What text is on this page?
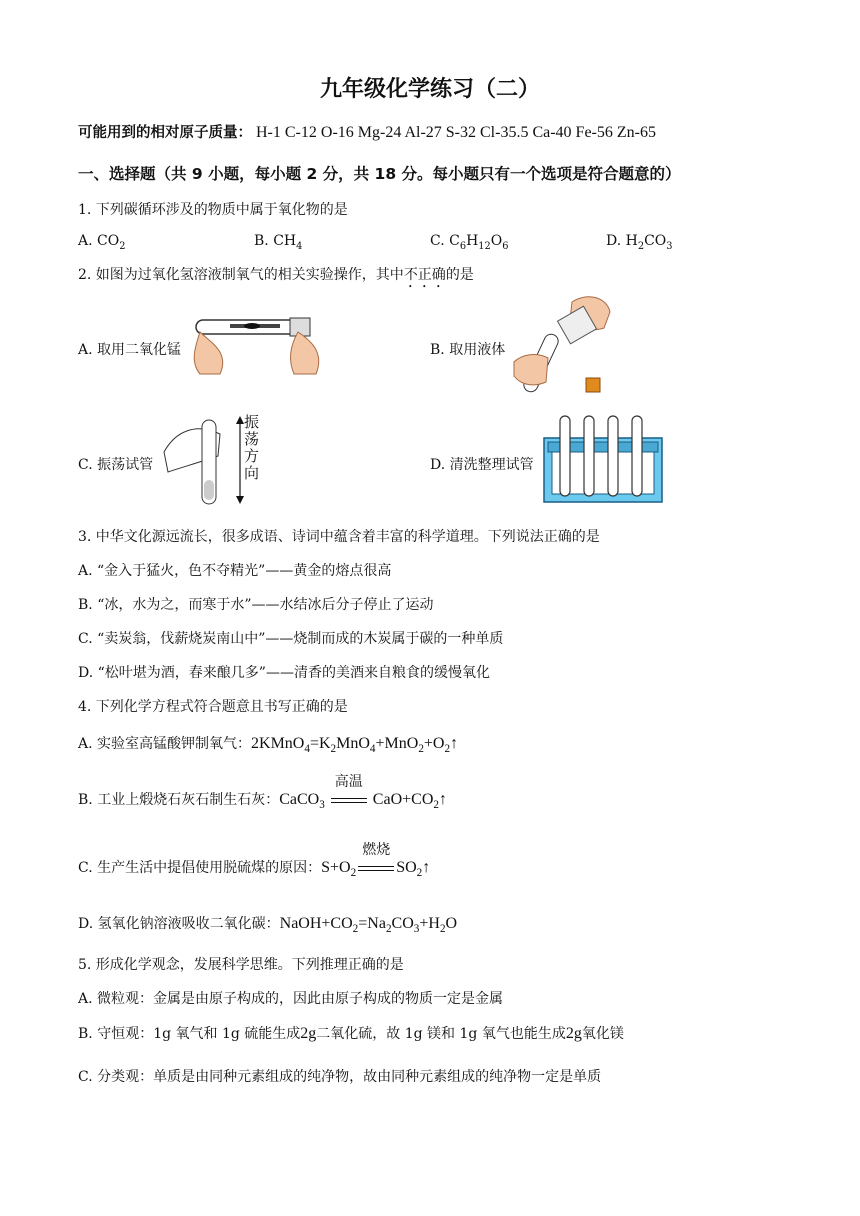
九年级化学练习（二）
可能用到的相对原子质量： H-1 C-12 O-16 Mg-24 Al-27 S-32 Cl-35.5 Ca-40 Fe-56 Zn-65
一、选择题（共 9 小题，每小题 2 分，共 18 分。每小题只有一个选项是符合题意的）
1. 下列碳循环涉及的物质中属于氧化物的是
A. $CO_2$	B. $CH_4$	C. $C_6H_{12}O_6$	D. $H_2CO_3$
2. 如图为过氧化氢溶液制氧气的相关实验操作，其中不正确的是
A. 取用二氧化锰	B. 取用液体
C. 振荡试管
振荡方向	D. 清洗整理试管
3. 中华文化源远流长，很多成语、诗词中蕴含着丰富的科学道理。下列说法正确的是
A. “金入于猛火，色不夺精光”——黄金的熔点很高
B. “冰，水为之，而寒于水”——水结冰后分子停止了运动
C. “卖炭翁，伐薪烧炭南山中”——烧制而成的木炭属于碳的一种单质
D. “松叶堪为酒，春来酿几多”——清香的美酒来自粮食的缓慢氧化
4. 下列化学方程式符合题意且书写正确的是
A. 实验室高锰酸钾制氧气：$2KMnO_4=K_2MnO_4+MnO_2+O_2↑$
B. 工业上煅烧石灰石制生石灰：CaCO$_3$
高温
$CaO+CO_2↑$
C. 生产生活中提倡使用脱硫煤的原因：$S+O_2$
燃烧
$SO_2↑$
D. 氢氧化钠溶液吸收二氧化碳：$NaOH+CO_2=Na_2CO_3+H_2O$
5. 形成化学观念，发展科学思维。下列推理正确的是
A. 微粒观：金属是由原子构成的，因此由原子构成的物质一定是金属
B. 守恒观：1g 氧气和 1g 硫能生成2g二氧化硫，故 1g 镁和 1g 氧气也能生成2g氧化镁
C. 分类观：单质是由同种元素组成的纯净物，故由同种元素组成的纯净物一定是单质
